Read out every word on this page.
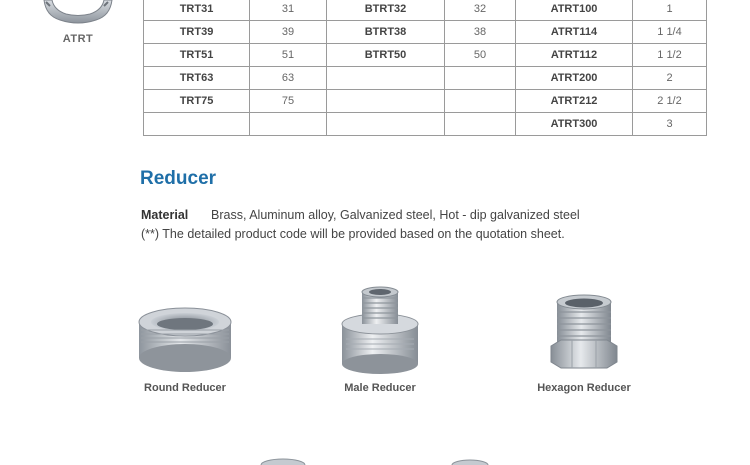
ATRT
TRT31	31	BTRT32	32	ATRT100	1
TRT39	39	BTRT38	38	ATRT114	1 1/4
TRT51	51	BTRT50	50	ATRT112	1 1/2
TRT63	63			ATRT200	2
TRT75	75			ATRT212	2 1/2
				ATRT300	3
Reducer
Material Brass, Aluminum alloy, Galvanized steel, Hot - dip galvanized steel
(**) The detailed product code will be provided based on the quotation sheet.
Round Reducer	Male Reducer	Hexagon Reducer
